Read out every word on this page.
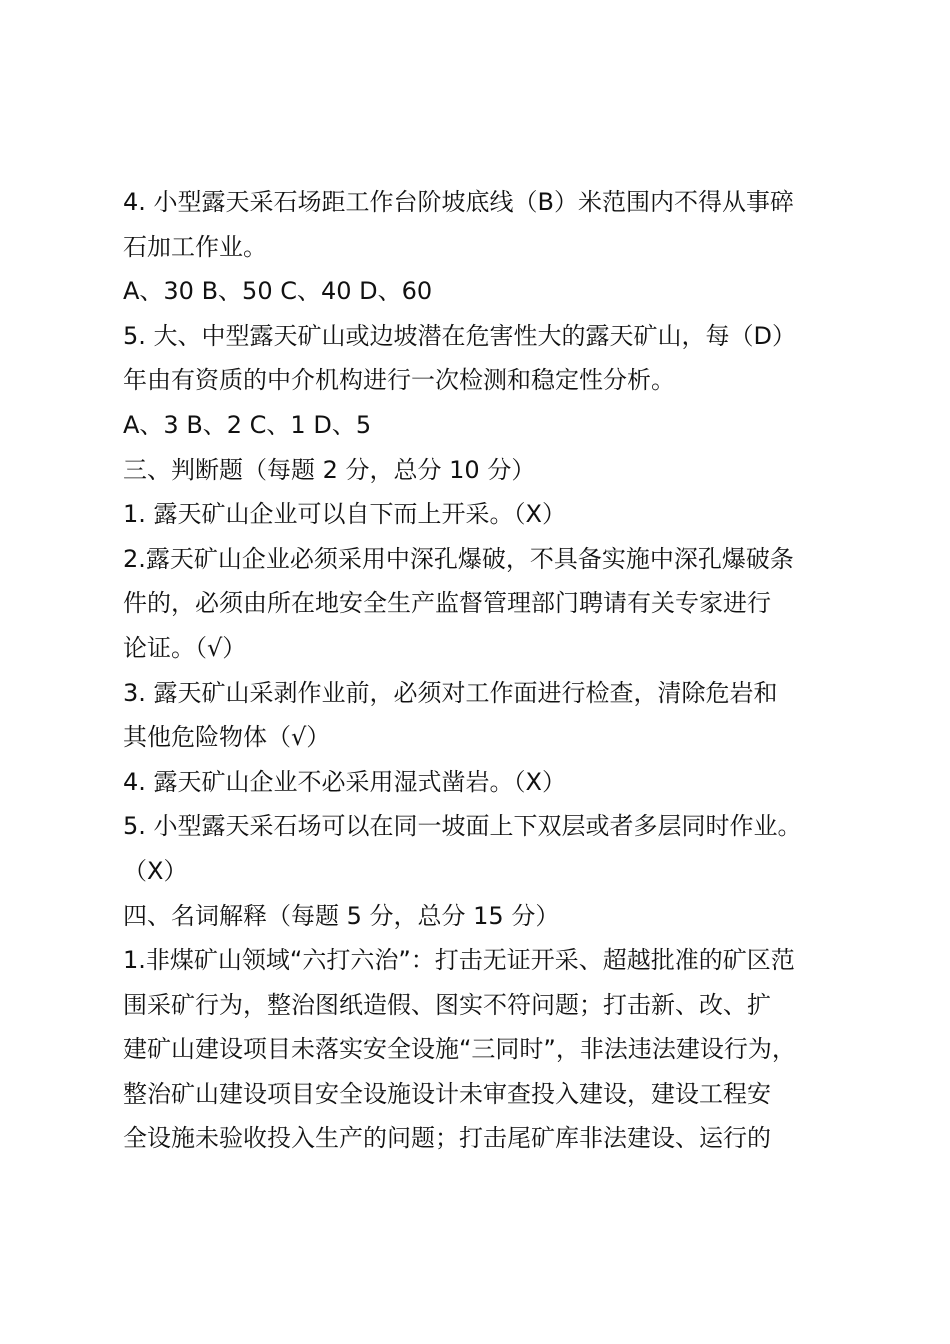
4. 小型露天采石场距工作台阶坡底线（B）米范围内不得从事碎

石加工作业。

A、30 B、50 C、40 D、60

5. 大、中型露天矿山或边坡潜在危害性大的露天矿山，每（D）

年由有资质的中介机构进行一次检测和稳定性分析。

A、3 B、2 C、1 D、5

三、判断题（每题 2 分，总分 10 分）

1. 露天矿山企业可以自下而上开采。（X）

2.露天矿山企业必须采用中深孔爆破，不具备实施中深孔爆破条

件的，必须由所在地安全生产监督管理部门聘请有关专家进行

论证。（√）

3. 露天矿山采剥作业前，必须对工作面进行检查，清除危岩和

其他危险物体（√）

4. 露天矿山企业不必采用湿式凿岩。（X）

5. 小型露天采石场可以在同一坡面上下双层或者多层同时作业。

（X）

四、名词解释（每题 5 分，总分 15 分）

1.非煤矿山领域“六打六治”：打击无证开采、超越批准的矿区范

围采矿行为，整治图纸造假、图实不符问题；打击新、改、扩

建矿山建设项目未落实安全设施“三同时”，非法违法建设行为，

整治矿山建设项目安全设施设计未审查投入建设，建设工程安

全设施未验收投入生产的问题；打击尾矿库非法建设、运行的
